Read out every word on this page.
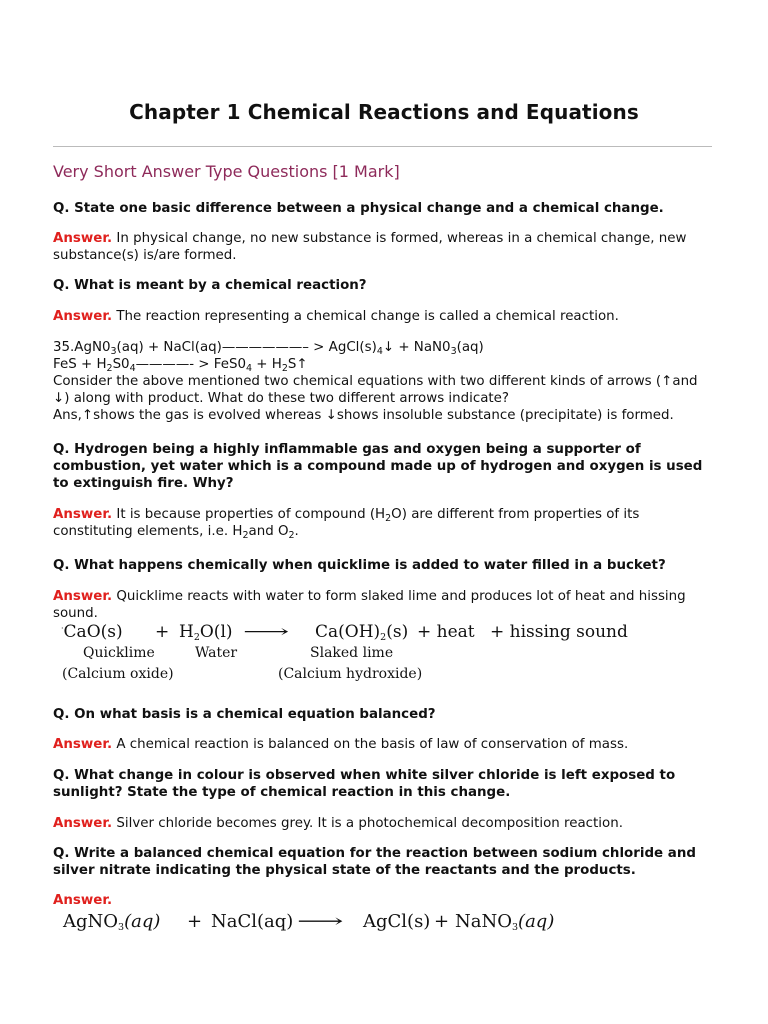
Chapter 1 Chemical Reactions and Equations
Very Short Answer Type Questions [1 Mark]
Q. State one basic difference between a physical change and a chemical change.
Answer. In physical change, no new substance is formed, whereas in a chemical change, new substance(s) is/are formed.
Q. What is meant by a chemical reaction?
Answer. The reaction representing a chemical change is called a chemical reaction.
$35.AgN0_3(aq)$ + NaCl(aq)——————– > $AgCl(s)_4↓ + NaN0_3(aq)$
FeS + $H_2S0_4————- > FeS0_4$ + $H_2S↑$
Consider the above mentioned two chemical equations with two different kinds of arrows (↑and ↓) along with product. What do these two different arrows indicate?
Ans,↑shows the gas is evolved whereas ↓shows insoluble substance (precipitate) is formed.
Q. Hydrogen being a highly inflammable gas and oxygen being a supporter of combustion, yet water which is a compound made up of hydrogen and oxygen is used to extinguish fire. Why?
Answer. It is because properties of compound $(H_2O)$ are different from properties of its constituting elements, i.e. $H_2and$ $O_2$.
Q. What happens chemically when quicklime is added to water filled in a bucket?
Answer. Quicklime reacts with water to form slaked lime and produces lot of heat and hissing sound.
$^\cdot CaO(s) + H_2O(l)$ ⟶ $Ca(OH)_2(s)$ + heat + hissing sound
Quicklime	Water	Slaked lime
(Calcium oxide)	(Calcium hydroxide)
Q. On what basis is a chemical equation balanced?
Answer. A chemical reaction is balanced on the basis of law of conservation of mass.
Q. What change in colour is observed when white silver chloride is left exposed to sunlight? State the type of chemical reaction in this change.
Answer. Silver chloride becomes grey. It is a photochemical decomposition reaction.
Q. Write a balanced chemical equation for the reaction between sodium chloride and silver nitrate indicating the physical state of the reactants and the products.
Answer.
AgNO$_3$(aq) + NaCl(aq) ⟶ AgCl(s) + NaNO$_3$(aq)
